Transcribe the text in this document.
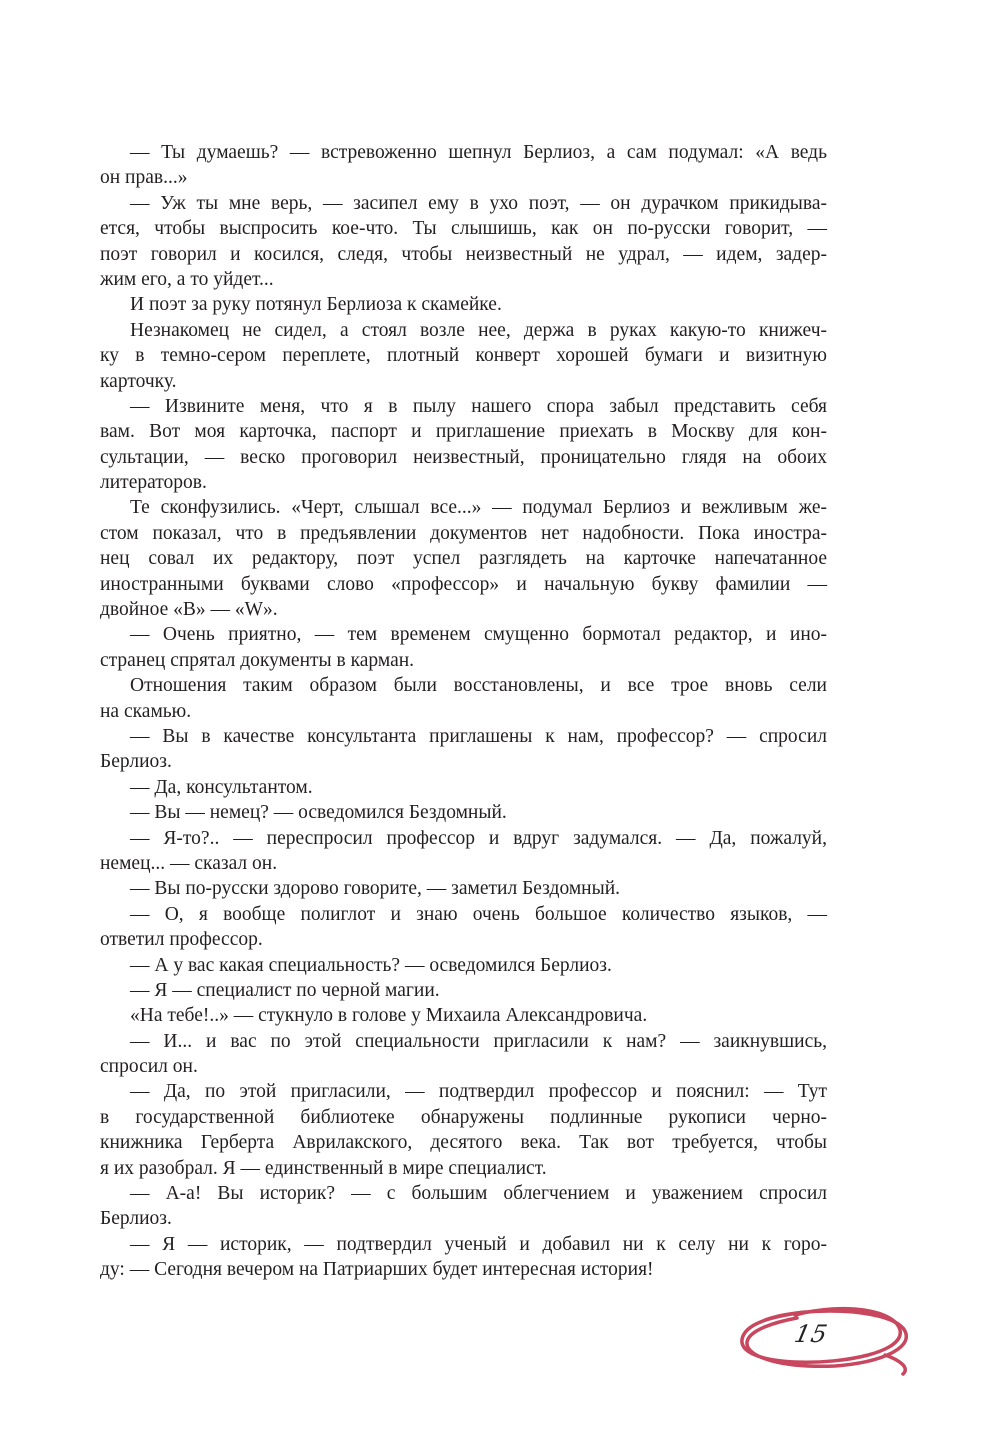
— Ты думаешь? — встревоженно шепнул Берлиоз, а сам подумал: «А ведь
он прав...»
— Уж ты мне верь, — засипел ему в ухо поэт, — он дурачком прикидыва-
ется, чтобы выспросить кое-что. Ты слышишь, как он по-русски говорит, —
поэт говорил и косился, следя, чтобы неизвестный не удрал, — идем, задер-
жим его, а то уйдет...
И поэт за руку потянул Берлиоза к скамейке.
Незнакомец не сидел, а стоял возле нее, держа в руках какую-то книжеч-
ку в темно-сером переплете, плотный конверт хорошей бумаги и визитную
карточку.
— Извините меня, что я в пылу нашего спора забыл представить себя
вам. Вот моя карточка, паспорт и приглашение приехать в Москву для кон-
сультации, — веско проговорил неизвестный, проницательно глядя на обоих
литераторов.
Те сконфузились. «Черт, слышал все...» — подумал Берлиоз и вежливым же-
стом показал, что в предъявлении документов нет надобности. Пока иностра-
нец совал их редактору, поэт успел разглядеть на карточке напечатанное
иностранными буквами слово «профессор» и начальную букву фамилии —
двойное «В» — «W».
— Очень приятно, — тем временем смущенно бормотал редактор, и ино-
странец спрятал документы в карман.
Отношения таким образом были восстановлены, и все трое вновь сели
на скамью.
— Вы в качестве консультанта приглашены к нам, профессор? — спросил
Берлиоз.
— Да, консультантом.
— Вы — немец? — осведомился Бездомный.
— Я-то?.. — переспросил профессор и вдруг задумался. — Да, пожалуй,
немец... — сказал он.
— Вы по-русски здорово говорите, — заметил Бездомный.
— О, я вообще полиглот и знаю очень большое количество языков, —
ответил профессор.
— А у вас какая специальность? — осведомился Берлиоз.
— Я — специалист по черной магии.
«На тебе!..» — стукнуло в голове у Михаила Александровича.
— И... и вас по этой специальности пригласили к нам? — заикнувшись,
спросил он.
— Да, по этой пригласили, — подтвердил профессор и пояснил: — Тут
в государственной библиотеке обнаружены подлинные рукописи черно-
книжника Герберта Аврилакского, десятого века. Так вот требуется, чтобы
я их разобрал. Я — единственный в мире специалист.
— А-а! Вы историк? — с большим облегчением и уважением спросил
Берлиоз.
— Я — историк, — подтвердил ученый и добавил ни к селу ни к горо-
ду: — Сегодня вечером на Патриарших будет интересная история!
15
